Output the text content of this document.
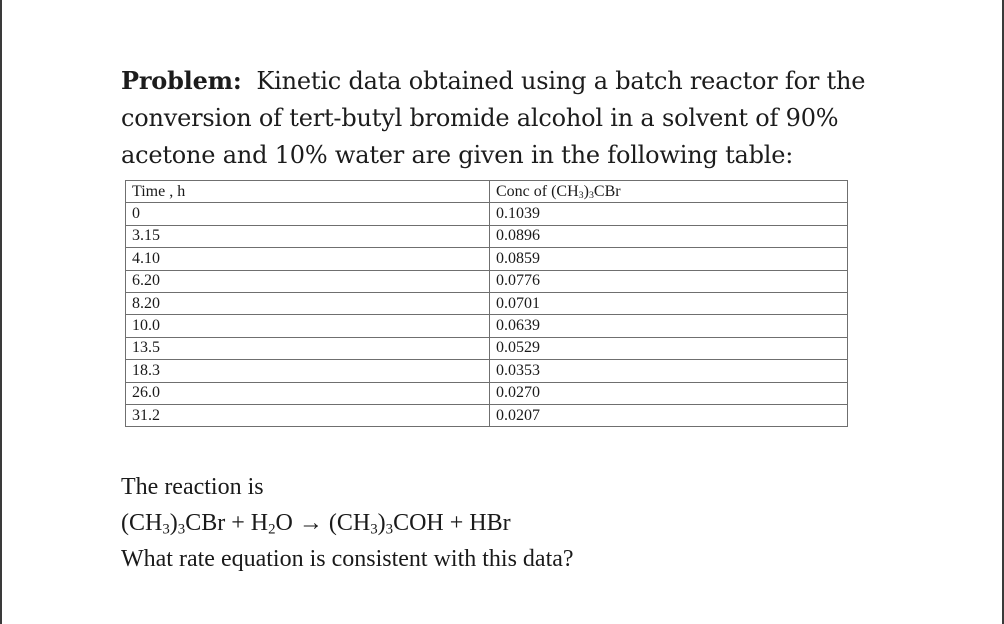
Problem: Kinetic data obtained using a batch reactor for the
conversion of tert-butyl bromide alcohol in a solvent of 90%
acetone and 10% water are given in the following table:
Time , h	Conc of $(CH_3)_3CBr$
0	0.1039
3.15	0.0896
4.10	0.0859
6.20	0.0776
8.20	0.0701
10.0	0.0639
13.5	0.0529
18.3	0.0353
26.0	0.0270
31.2	0.0207
The reaction is
$(CH_3)_3CBr + H_2O \to (CH_3)_3COH$ + HBr
What rate equation is consistent with this data?
